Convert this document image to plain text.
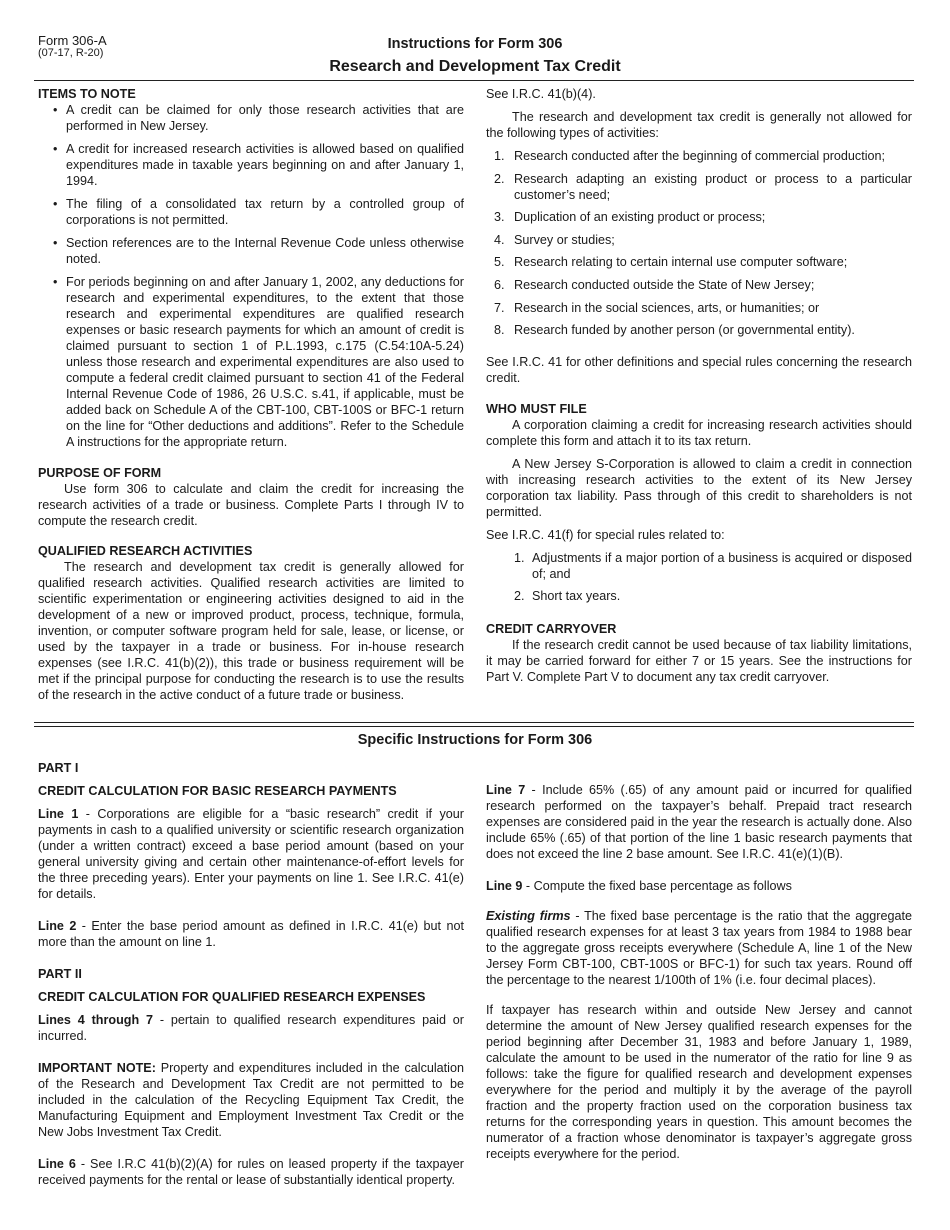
Form 306-A
(07-17, R-20)
Instructions for Form 306
Research and Development Tax Credit

ITEMS TO NOTE

• A credit can be claimed for only those research activities that are performed in New Jersey.
• A credit for increased research activities is allowed based on qualified expenditures made in taxable years beginning on and after January 1, 1994.
• The filing of a consolidated tax return by a controlled group of corporations is not permitted.
• Section references are to the Internal Revenue Code unless otherwise noted.
• For periods beginning on and after January 1, 2002, any deductions for research and experimental expenditures, to the extent that those research and experimental expenditures are qualified research expenses or basic research payments for which an amount of credit is claimed pursuant to section 1 of P.L.1993, c.175 (C.54:10A-5.24) unless those research and experimental expenditures are also used to compute a federal credit claimed pursuant to section 41 of the Federal Internal Revenue Code of 1986, 26 U.S.C. s.41, if applicable, must be added back on Schedule A of the CBT-100, CBT-100S or BFC-1 return on the line for “Other deductions and additions”. Refer to the Schedule A instructions for the appropriate return.

PURPOSE OF FORM

Use form 306 to calculate and claim the credit for increasing the research activities of a trade or business. Complete Parts I through IV to compute the research credit.

QUALIFIED RESEARCH ACTIVITIES

The research and development tax credit is generally allowed for qualified research activities. Qualified research activities are limited to scientific experimentation or engineering activities designed to aid in the development of a new or improved product, process, technique, formula, invention, or computer software program held for sale, lease, or license, or used by the taxpayer in a trade or business. For in-house research expenses (see I.R.C. 41(b)(2)), this trade or business requirement will be met if the principal purpose for conducting the research is to use the results of the research in the active conduct of a future trade or business.

See I.R.C. 41(b)(4).

The research and development tax credit is generally not allowed for the following types of activities:

1. Research conducted after the beginning of commercial production;
2. Research adapting an existing product or process to a particular customer’s need;
3. Duplication of an existing product or process;
4. Survey or studies;
5. Research relating to certain internal use computer software;
6. Research conducted outside the State of New Jersey;
7. Research in the social sciences, arts, or humanities; or
8. Research funded by another person (or governmental entity).

See I.R.C. 41 for other definitions and special rules concerning the research credit.

WHO MUST FILE

A corporation claiming a credit for increasing research activities should complete this form and attach it to its tax return.

A New Jersey S-Corporation is allowed to claim a credit in connection with increasing research activities to the extent of its New Jersey corporation tax liability. Pass through of this credit to shareholders is not permitted.

See I.R.C. 41(f) for special rules related to:

1. Adjustments if a major portion of a business is acquired or disposed of; and
2. Short tax years.

CREDIT CARRYOVER

If the research credit cannot be used because of tax liability limitations, it may be carried forward for either 7 or 15 years. See the instructions for Part V. Complete Part V to document any tax credit carryover.

Specific Instructions for Form 306

PART I

CREDIT CALCULATION FOR BASIC RESEARCH PAYMENTS

Line 1 - Corporations are eligible for a “basic research” credit if your payments in cash to a qualified university or scientific research organization (under a written contract) exceed a base period amount (based on your general university giving and certain other maintenance-of-effort levels for the three preceding years). Enter your payments on line 1. See I.R.C. 41(e) for details.

Line 2 - Enter the base period amount as defined in I.R.C. 41(e) but not more than the amount on line 1.

PART II

CREDIT CALCULATION FOR QUALIFIED RESEARCH EXPENSES

Lines 4 through 7 - pertain to qualified research expenditures paid or incurred.

IMPORTANT NOTE: Property and expenditures included in the calculation of the Research and Development Tax Credit are not permitted to be included in the calculation of the Recycling Equipment Tax Credit, the Manufacturing Equipment and Employment Investment Tax Credit or the New Jobs Investment Tax Credit.

Line 6 - See I.R.C 41(b)(2)(A) for rules on leased property if the taxpayer received payments for the rental or lease of substantially identical property.

Line 7 - Include 65% (.65) of any amount paid or incurred for qualified research performed on the taxpayer’s behalf. Prepaid tract research expenses are considered paid in the year the research is actually done. Also include 65% (.65) of that portion of the line 1 basic research payments that does not exceed the line 2 base amount. See I.R.C. 41(e)(1)(B).

Line 9 - Compute the fixed base percentage as follows

Existing firms - The fixed base percentage is the ratio that the aggregate qualified research expenses for at least 3 tax years from 1984 to 1988 bear to the aggregate gross receipts everywhere (Schedule A, line 1 of the New Jersey Form CBT-100, CBT-100S or BFC-1) for such tax years. Round off the percentage to the nearest 1/100th of 1% (i.e. four decimal places).

If taxpayer has research within and outside New Jersey and cannot determine the amount of New Jersey qualified research expenses for the period beginning after December 31, 1983 and before January 1, 1989, calculate the amount to be used in the numerator of the ratio for line 9 as follows: take the figure for qualified research and development expenses everywhere for the period and multiply it by the average of the payroll fraction and the property fraction used on the corporation business tax returns for the corresponding years in question. This amount becomes the numerator of a fraction whose denominator is taxpayer’s aggregate gross receipts everywhere for the period.
